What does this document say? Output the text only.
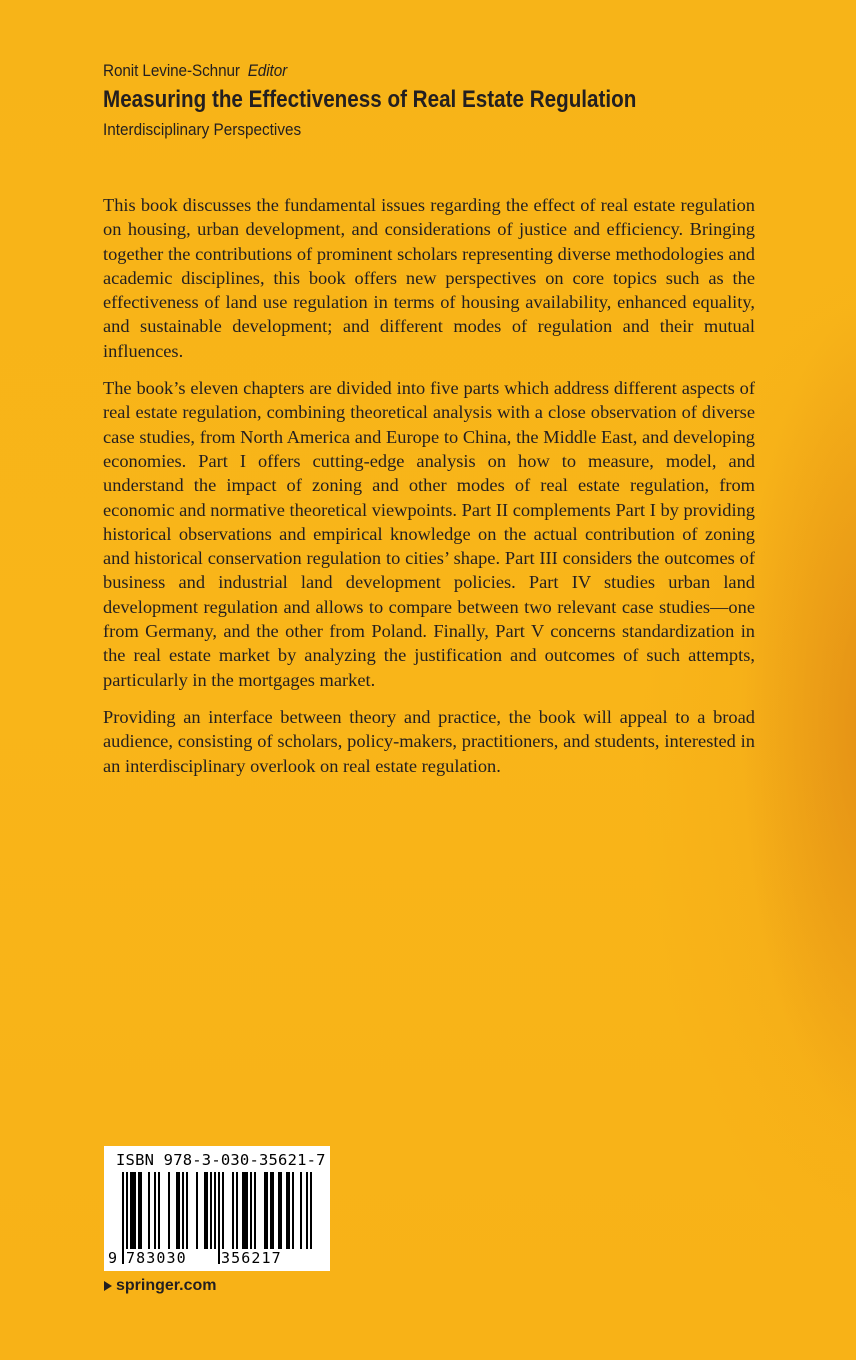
Ronit Levine-Schnur Editor
Measuring the Effectiveness of Real Estate Regulation
Interdisciplinary Perspectives

This book discusses the fundamental issues regarding the effect of real estate regulation on housing, urban development, and considerations of justice and efficiency. Bringing together the contributions of prominent scholars representing diverse methodologies and academic disciplines, this book offers new perspectives on core topics such as the effectiveness of land use regulation in terms of housing availability, enhanced equality, and sustainable development; and different modes of regulation and their mutual influences.

The book’s eleven chapters are divided into five parts which address different aspects of real estate regulation, combining theoretical analysis with a close observation of diverse case studies, from North America and Europe to China, the Middle East, and developing economies. Part I offers cutting-edge analysis on how to measure, model, and understand the impact of zoning and other modes of real estate regulation, from economic and normative theoretical viewpoints. Part II complements Part I by providing historical observations and empirical knowledge on the actual contribution of zoning and historical conservation regulation to cities’ shape. Part III considers the outcomes of business and industrial land development policies. Part IV studies urban land development regulation and allows to compare between two relevant case studies—one from Germany, and the other from Poland. Finally, Part V concerns standardization in the real estate market by analyzing the justification and outcomes of such attempts, particularly in the mortgages market.

Providing an interface between theory and practice, the book will appeal to a broad audience, consisting of scholars, policy-makers, practitioners, and students, interested in an interdisciplinary overlook on real estate regulation.

ISBN 978-3-030-35621-7
9 783030	356217
springer.com
